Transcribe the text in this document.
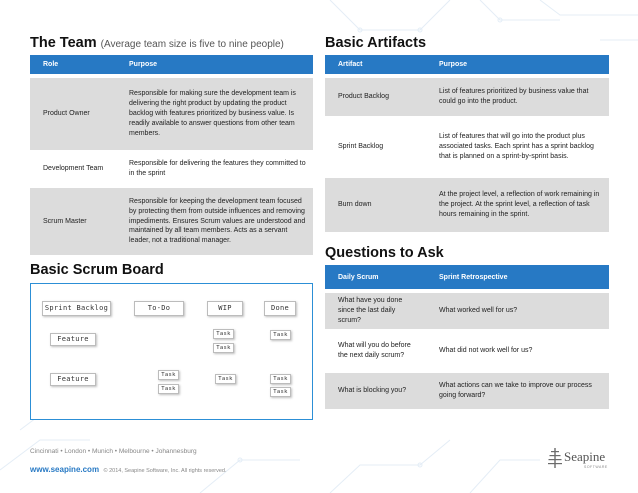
The Team (Average team size is five to nine people)
Role	Purpose

Product Owner	Responsible for making sure the development team is delivering the right product by updating the product backlog with features prioritized by business value. Is readily available to answer questions from other team members.

Development Team	Responsible for delivering the features they committed to in the sprint

Scrum Master	Responsible for keeping the development team focused by protecting them from outside influences and removing impediments. Ensures Scrum values are understood and maintained by all team members. Acts as a servant leader, not a traditional manager.
Basic Artifacts
Artifact	Purpose

Product Backlog	List of features prioritized by business value that could go into the product.

Sprint Backlog	List of features that will go into the product plus associated tasks. Each sprint has a sprint backlog that is planned on a sprint-by-sprint basis.

Burn down	At the project level, a reflection of work remaining in the project. At the sprint level, a reflection of task hours remaining in the sprint.
Questions to Ask
Daily Scrum	Sprint Retrospective

What have you done since the last daily scrum?	What worked well for us?

What will you do before the next daily scrum?	What did not work well for us?

What is blocking you?	What actions can we take to improve our process going forward?
Basic Scrum Board
Sprint Backlog	To-Do	WIP	Done
Feature
Feature
Task
Task
Task
Task
Task
Task	Task
Task
Cincinnati • London • Munich • Melbourne • Johannesburg
www.seapine.com © 2014, Seapine Software, Inc. All rights reserved.
Seapine
SOFTWARE
